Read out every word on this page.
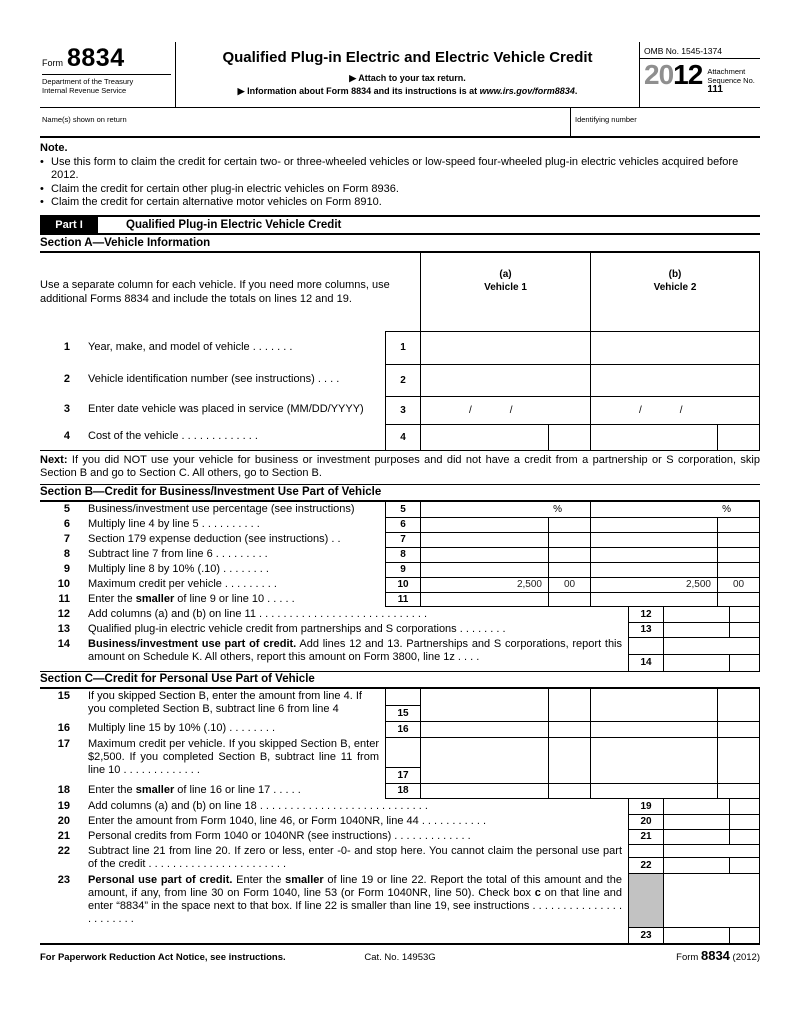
Form 8834
Department of the Treasury
Internal Revenue Service
Qualified Plug-in Electric and Electric Vehicle Credit
▶ Attach to your tax return.
▶ Information about Form 8834 and its instructions is at www.irs.gov/form8834.
OMB No. 1545-1374
2012 Attachment
Sequence No. 111
Name(s) shown on return	Identifying number
Note.
• Use this form to claim the credit for certain two- or three-wheeled vehicles or low-speed four-wheeled plug-in electric vehicles acquired before 2012.
• Claim the credit for certain other plug-in electric vehicles on Form 8936.
• Claim the credit for certain alternative motor vehicles on Form 8910.
Part I	Qualified Plug-in Electric Vehicle Credit
Section A—Vehicle Information
Use a separate column for each vehicle. If you need more columns, use additional Forms 8834 and include the totals on lines 12 and 19.
(a)
Vehicle 1
(b)
Vehicle 2
1 Year, make, and model of vehicle . . . . . . .	1
2 Vehicle identification number (see instructions) . . . .	2
3 Enter date vehicle was placed in service (MM/DD/YYYY)	3	/	/	/	/
4 Cost of the vehicle . . . . . . . . . . . . .	4
Next: If you did NOT use your vehicle for business or investment purposes and did not have a credit from a partnership or S corporation, skip Section B and go to Section C. All others, go to Section B.
Section B—Credit for Business/Investment Use Part of Vehicle
5 Business/investment use percentage (see instructions)	5	%	%
6 Multiply line 4 by line 5 . . . . . . . . . .	6
7 Section 179 expense deduction (see instructions) . .	7
8 Subtract line 7 from line 6 . . . . . . . . .	8
9 Multiply line 8 by 10% (.10) . . . . . . . .	9
10 Maximum credit per vehicle . . . . . . . . .	10	2,500	00	2,500	00
11 Enter the smaller of line 9 or line 10 . . . . .	11
12 Add columns (a) and (b) on line 11 . . . . . . . . . . . . . . . . . . . . . . . . . . . .	12
13 Qualified plug-in electric vehicle credit from partnerships and S corporations . . . . . . . .	13
14 Business/investment use part of credit. Add lines 12 and 13. Partnerships and S corporations, report this amount on Schedule K. All others, report this amount on Form 3800, line 1z . . . .	14
Section C—Credit for Personal Use Part of Vehicle
15 If you skipped Section B, enter the amount from line 4. If you completed Section B, subtract line 6 from line 4	15
16 Multiply line 15 by 10% (.10) . . . . . . . .	16
17 Maximum credit per vehicle. If you skipped Section B, enter $2,500. If you completed Section B, subtract line 11 from line 10 . . . . . . . . . . . . .	17
18 Enter the smaller of line 16 or line 17 . . . . .	18
19 Add columns (a) and (b) on line 18 . . . . . . . . . . . . . . . . . . . . . . . . . . . .	19
20 Enter the amount from Form 1040, line 46, or Form 1040NR, line 44 . . . . . . . . . . .	20
21 Personal credits from Form 1040 or 1040NR (see instructions) . . . . . . . . . . . . .	21
22 Subtract line 21 from line 20. If zero or less, enter -0- and stop here. You cannot claim the personal use part of the credit . . . . . . . . . . . . . . . . . . . . . . .	22
23 Personal use part of credit. Enter the smaller of line 19 or line 22. Report the total of this amount and the amount, if any, from line 30 on Form 1040, line 53 (or Form 1040NR, line 50). Check box c on that line and enter “8834” in the space next to that box. If line 22 is smaller than line 19, see instructions . . . . . . . . . . . . . . . . . . . . . . .
23
For Paperwork Reduction Act Notice, see instructions.	Cat. No. 14953G	Form 8834 (2012)
